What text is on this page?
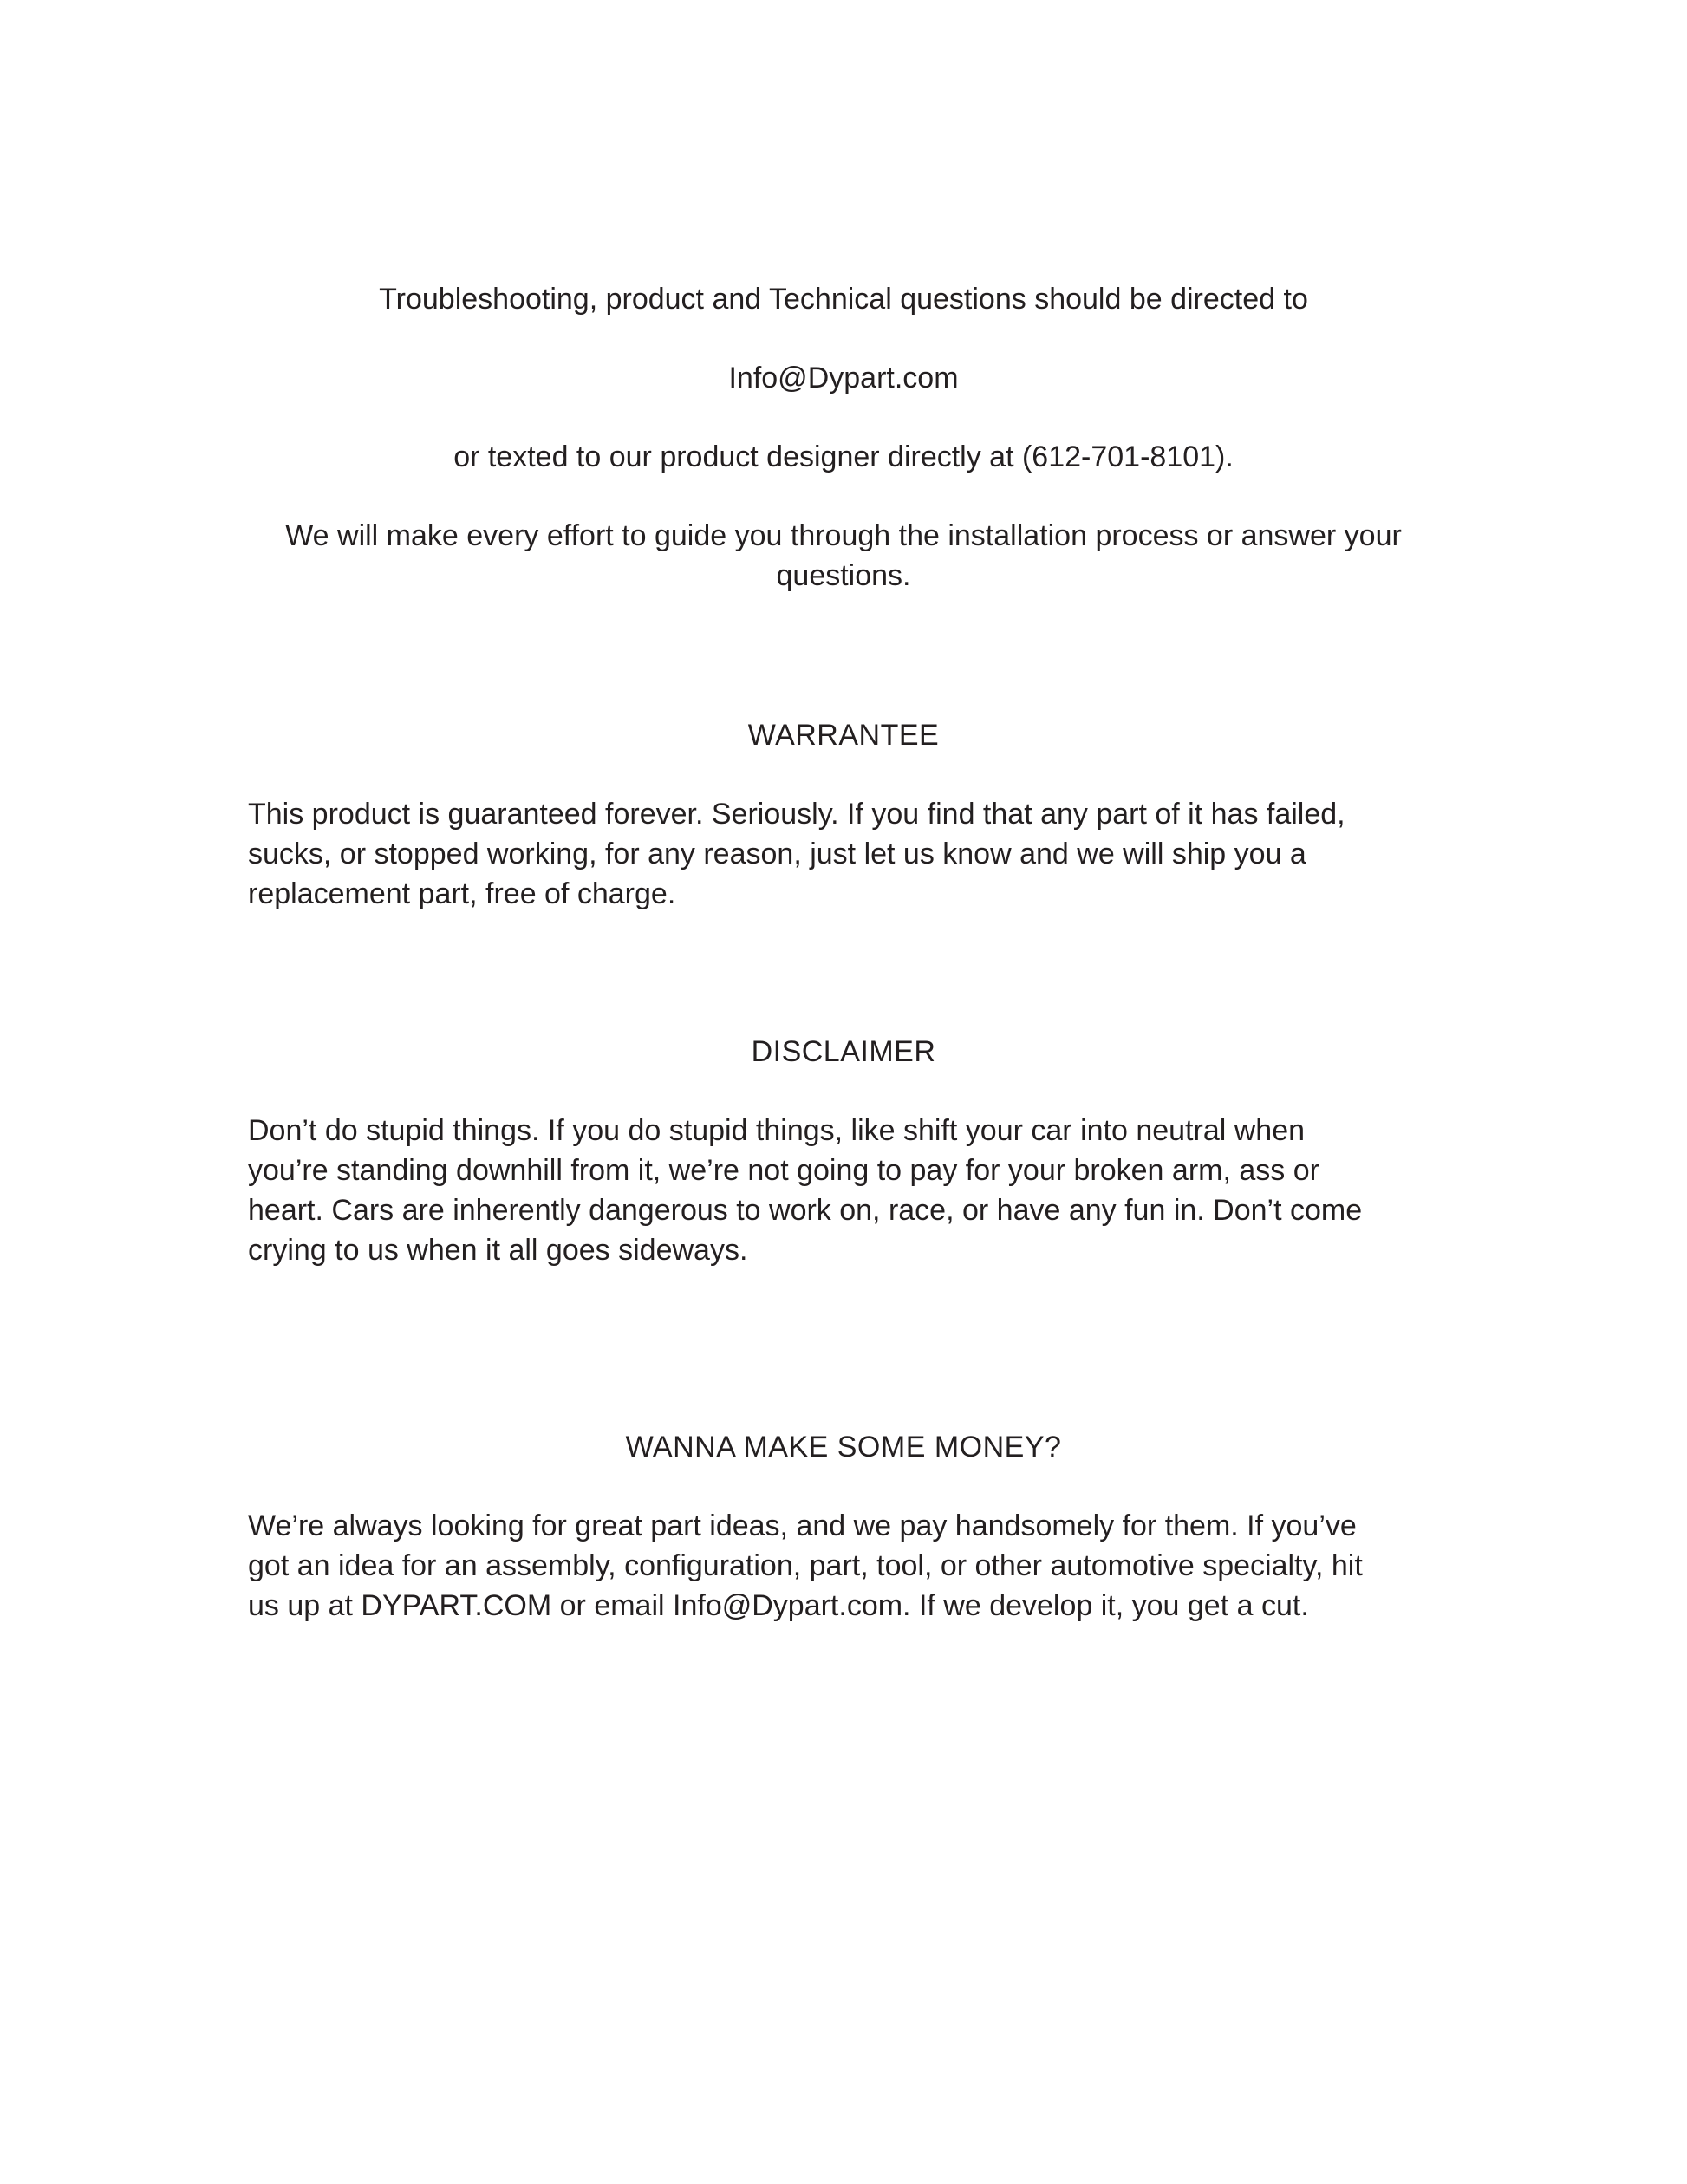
Troubleshooting, product and Technical questions should be directed to

Info@Dypart.com

or texted to our product designer directly at (612-701-8101).

We will make every effort to guide you through the installation process or answer your

questions.

WARRANTEE
This product is guaranteed forever. Seriously. If you find that any part of it has failed,
sucks, or stopped working, for any reason, just let us know and we will ship you a
replacement part, free of charge.
DISCLAIMER
Don’t do stupid things. If you do stupid things, like shift your car into neutral when
you’re standing downhill from it, we’re not going to pay for your broken arm, ass or
heart. Cars are inherently dangerous to work on, race, or have any fun in. Don’t come
crying to us when it all goes sideways.
WANNA MAKE SOME MONEY?
We’re always looking for great part ideas, and we pay handsomely for them. If you’ve
got an idea for an assembly, configuration, part, tool, or other automotive specialty, hit
us up at DYPART.COM or email Info@Dypart.com. If we develop it, you get a cut.
